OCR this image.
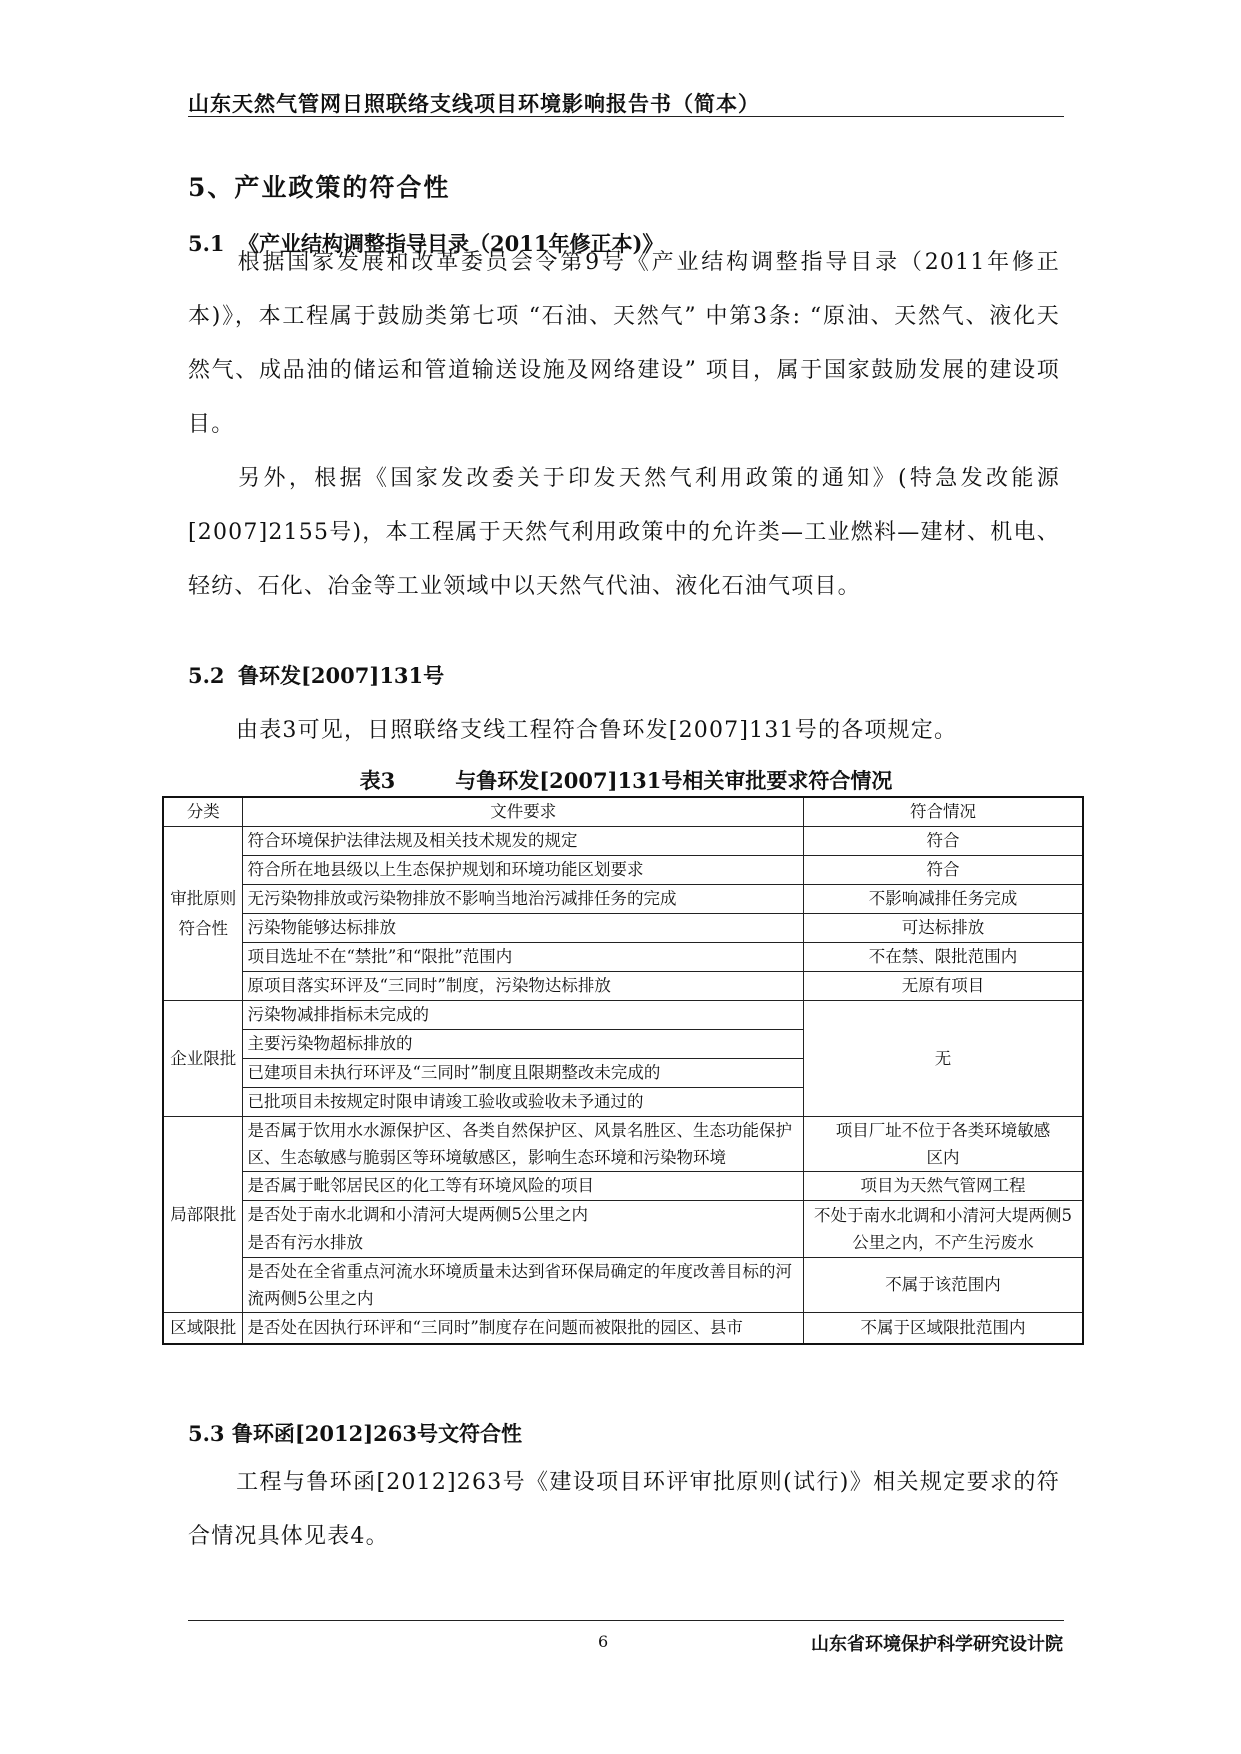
山东天然气管网日照联络支线项目环境影响报告书（简本）
5、产业政策的符合性
5.1 《产业结构调整指导目录（2011年修正本)》
根据国家发展和改革委员会令第9号《产业结构调整指导目录（2011年修正本)》，本工程属于鼓励类第七项 “石油、天然气” 中第3条: “原油、天然气、液化天然气、成品油的储运和管道输送设施及网络建设” 项目，属于国家鼓励发展的建设项目。
另外，根据《国家发改委关于印发天然气利用政策的通知》(特急发改能源[2007]2155号)，本工程属于天然气利用政策中的允许类—工业燃料—建材、机电、轻纺、石化、冶金等工业领域中以天然气代油、液化石油气项目。
5.2 鲁环发[2007]131号
由表3可见，日照联络支线工程符合鲁环发[2007]131号的各项规定。
表3	与鲁环发[2007]131号相关审批要求符合情况
分类	文件要求	符合情况
审批原则符合性	符合环境保护法律法规及相关技术规发的规定	符合
	符合所在地县级以上生态保护规划和环境功能区划要求	符合
	无污染物排放或污染物排放不影响当地治污减排任务的完成	不影响减排任务完成
	污染物能够达标排放	可达标排放
	项目选址不在“禁批”和“限批”范围内	不在禁、限批范围内
	原项目落实环评及“三同时”制度，污染物达标排放	无原有项目
企业限批	污染物减排指标未完成的	无
	主要污染物超标排放的	
	已建项目未执行环评及“三同时”制度且限期整改未完成的	
	已批项目未按规定时限申请竣工验收或验收未予通过的	
局部限批	是否属于饮用水水源保护区、各类自然保护区、风景名胜区、生态功能保护区、生态敏感与脆弱区等环境敏感区，影响生态环境和污染物环境	项目厂址不位于各类环境敏感区内
	是否属于毗邻居民区的化工等有环境风险的项目	项目为天然气管网工程
	是否处于南水北调和小清河大堤两侧5公里之内	不处于南水北调和小清河大堤两侧5公里之内，不产生污废水
	是否有污水排放	
	是否处在全省重点河流水环境质量未达到省环保局确定的年度改善目标的河流两侧5公里之内	不属于该范围内
区域限批	是否处在因执行环评和“三同时”制度存在问题而被限批的园区、县市	不属于区域限批范围内
5.3 鲁环函[2012]263号文符合性
工程与鲁环函[2012]263号《建设项目环评审批原则(试行)》相关规定要求的符合情况具体见表4。
6	山东省环境保护科学研究设计院
